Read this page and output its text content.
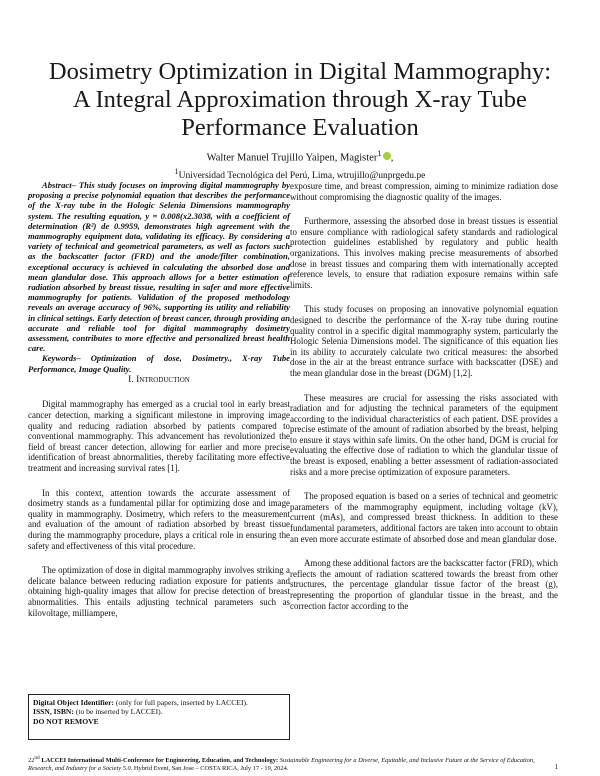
Dosimetry Optimization in Digital Mammography: A Integral Approximation through X-ray Tube Performance Evaluation
Walter Manuel Trujillo Yaipen, Magister$^1$ ,
$^1$Universidad Tecnológica del Perú, Lima, wtrujillo@unprgedu.pe

Abstract– This study focuses on improving digital mammography by proposing a precise polynomial equation that describes the performance of the X-ray tube in the Hologic Selenia Dimensions mammography system. The resulting equation, y = 0.008(x2.3038, with a coefficient of determination (R²) de 0.9959, demonstrates high agreement with the mammography equipment data, validating its efficacy. By considering a variety of technical and geometrical parameters, as well as factors such as the backscatter factor (FRD) and the anode/filter combination, exceptional accuracy is achieved in calculating the absorbed dose and mean glandular dose. This approach allows for a better estimation of radiation absorbed by breast tissue, resulting in safer and more effective mammography for patients. Validation of the proposed methodology reveals an average accuracy of 96%, supporting its utility and reliability in clinical settings. Early detection of breast cancer, through providing an accurate and reliable tool for digital mammography dosimetry assessment, contributes to more effective and personalized breast health care.

Keywords– Optimization of dose, Dosimetry., X-ray Tube Performance, Image Quality.

I. Introduction

Digital mammography has emerged as a crucial tool in early breast cancer detection, marking a significant milestone in improving image quality and reducing radiation absorbed by patients compared to conventional mammography. This advancement has revolutionized the field of breast cancer detection, allowing for earlier and more precise identification of breast abnormalities, thereby facilitating more effective treatment and increasing survival rates [1].

In this context, attention towards the accurate assessment of dosimetry stands as a fundamental pillar for optimizing dose and image quality in mammography. Dosimetry, which refers to the measurement and evaluation of the amount of radiation absorbed by breast tissue during the mammography procedure, plays a critical role in ensuring the safety and effectiveness of this vital procedure.

The optimization of dose in digital mammography involves striking a delicate balance between reducing radiation exposure for patients and obtaining high-quality images that allow for precise detection of breast abnormalities. This entails adjusting technical parameters such as kilovoltage, milliampere,

exposure time, and breast compression, aiming to minimize radiation dose without compromising the diagnostic quality of the images.

Furthermore, assessing the absorbed dose in breast tissues is essential to ensure compliance with radiological safety standards and radiological protection guidelines established by regulatory and public health organizations. This involves making precise measurements of absorbed dose in breast tissues and comparing them with internationally accepted reference levels, to ensure that radiation exposure remains within safe limits.

This study focuses on proposing an innovative polynomial equation designed to describe the performance of the X-ray tube during routine quality control in a specific digital mammography system, particularly the Hologic Selenia Dimensions model. The significance of this equation lies in its ability to accurately calculate two critical measures: the absorbed dose in the air at the breast entrance surface with backscatter (DSE) and the mean glandular dose in the breast (DGM) [1,2].

These measures are crucial for assessing the risks associated with radiation and for adjusting the technical parameters of the equipment according to the individual characteristics of each patient. DSE provides a precise estimate of the amount of radiation absorbed by the breast, helping to ensure it stays within safe limits. On the other hand, DGM is crucial for evaluating the effective dose of radiation to which the glandular tissue of the breast is exposed, enabling a better assessment of radiation-associated risks and a more precise optimization of exposure parameters.

The proposed equation is based on a series of technical and geometric parameters of the mammography equipment, including voltage (kV), current (mAs), and compressed breast thickness. In addition to these fundamental parameters, additional factors are taken into account to obtain an even more accurate estimate of absorbed dose and mean glandular dose.

Among these additional factors are the backscatter factor (FRD), which reflects the amount of radiation scattered towards the breast from other structures, the percentage glandular tissue factor of the breast (g), representing the proportion of glandular tissue in the breast, and the correction factor according to the

Digital Object Identifier: (only for full papers, inserted by LACCEI).
ISSN, ISBN: (to be inserted by LACCEI).
DO NOT REMOVE
22nd LACCEI International Multi-Conference for Engineering, Education, and Technology: Sustainable Engineering for a Diverse, Equitable, and Inclusive Future at the Service of Education, Research, and Industry for a Society 5.0. Hybrid Event, San Jose – COSTA RICA, July 17 - 19, 2024.	1
